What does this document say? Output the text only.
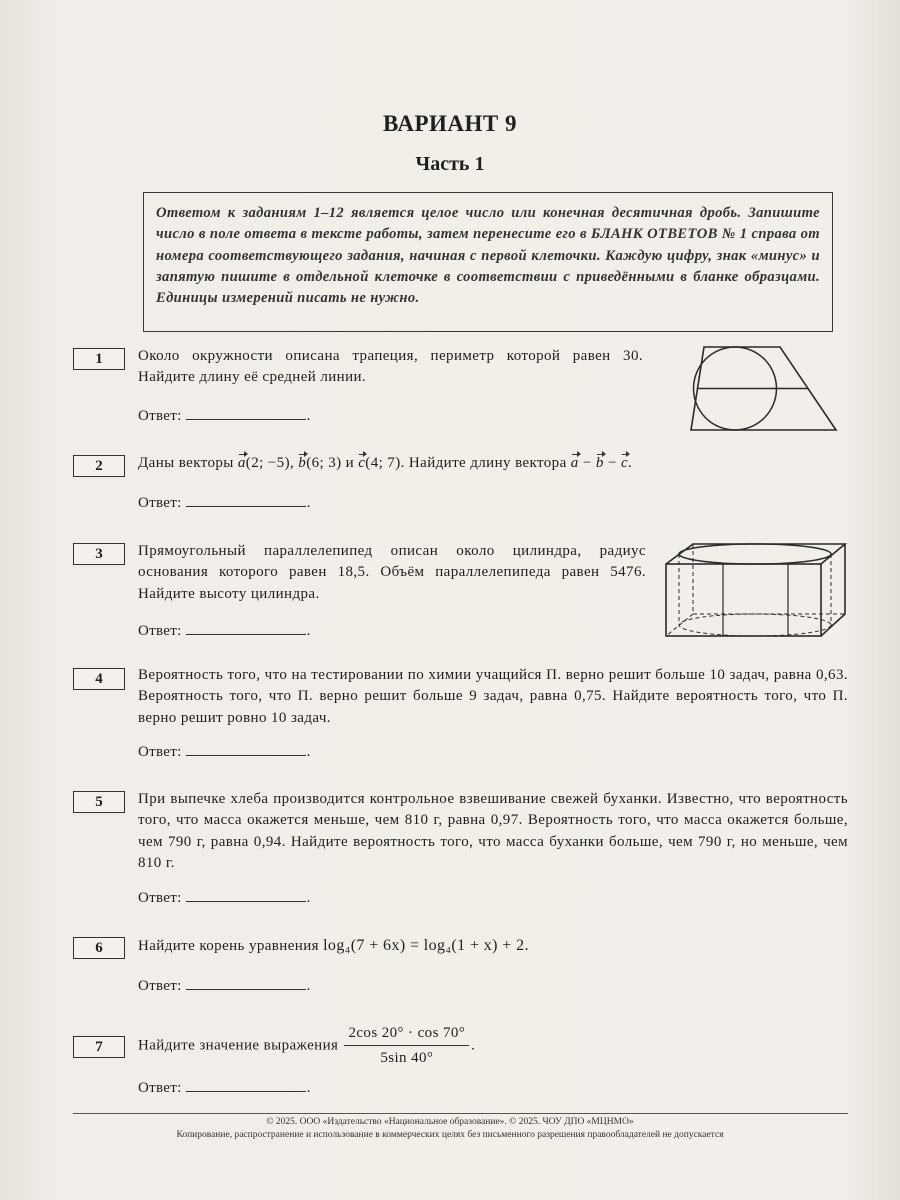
ВАРИАНТ 9
Часть 1
Ответом к заданиям 1–12 является целое число или конечная десятичная дробь. Запишите число в поле ответа в тексте работы, затем перенесите его в БЛАНК ОТВЕТОВ № 1 справа от номера соответствующего задания, начиная с первой клеточки. Каждую цифру, знак «минус» и запятую пишите в отдельной клеточке в соответствии с приведёнными в бланке образцами. Единицы измерений писать не нужно.
1	Около окружности описана трапеция, периметр которой равен 30. Найдите длину её средней линии.
Ответ:	.
2	Даны векторы a(2; −5), b(6; 3) и c(4; 7). Найдите длину вектора a − b − c.
Ответ:	.
3	Прямоугольный параллелепипед описан около цилиндра, радиус основания которого равен 18,5. Объём параллелепипеда равен 5476. Найдите высоту цилиндра.
Ответ:	.
4	Вероятность того, что на тестировании по химии учащийся П. верно решит больше 10 задач, равна 0,63. Вероятность того, что П. верно решит больше 9 задач, равна 0,75. Найдите вероятность того, что П. верно решит ровно 10 задач.
Ответ:	.
5	При выпечке хлеба производится контрольное взвешивание свежей буханки. Известно, что вероятность того, что масса окажется меньше, чем 810 г, равна 0,97. Вероятность того, что масса окажется больше, чем 790 г, равна 0,94. Найдите вероятность того, что масса буханки больше, чем 790 г, но меньше, чем 810 г.
Ответ:	.
6	Найдите корень уравнения log₄(7 + 6x) = log₄(1 + x) + 2.
Ответ:	.
7	Найдите значение выражения $\frac{2\cos 20^\circ \cdot \cos 70^\circ}{5\sin 40^\circ}$ .
Ответ:	.
© 2025. ООО «Издательство «Национальное образование». © 2025. ЧОУ ДПО «МЦНМО»
Копирование, распространение и использование в коммерческих целях без письменного разрешения правообладателей не допускается
